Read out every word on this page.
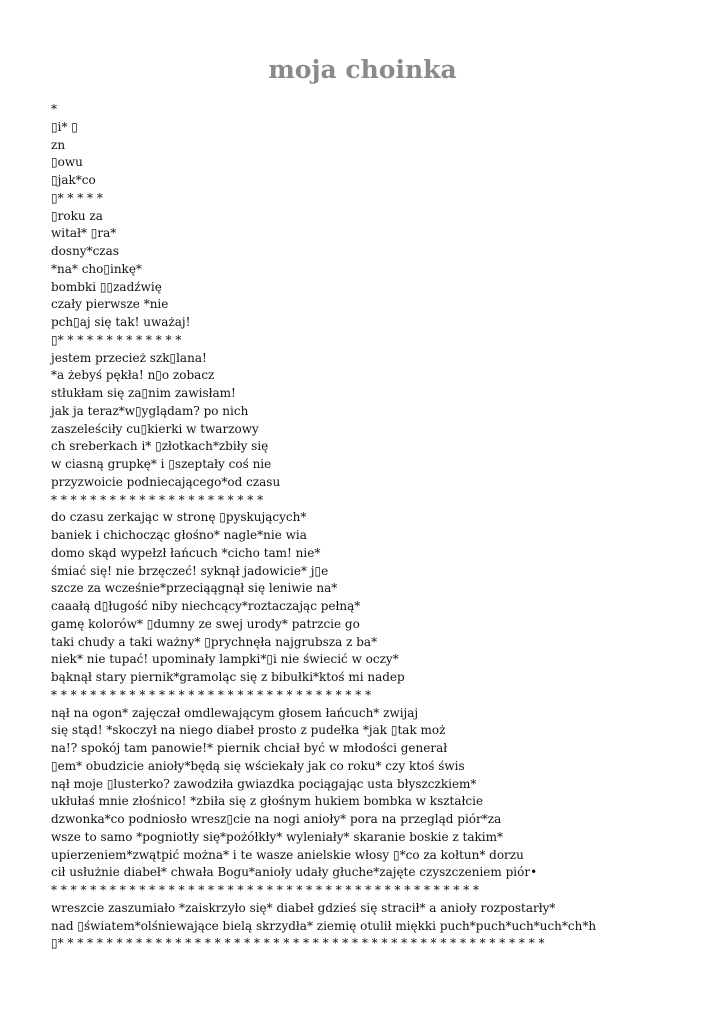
moja choinka
*
▯i* ▯
zn
▯owu
▯jak*co
▯* * * * *
▯roku za
witał* ▯ra*
dosny*czas
*na* cho▯inkę*
bombki ▯▯zadźwię
czały pierwsze *nie
pch▯aj się tak! uważaj!
▯* * * * * * * * * * * * *
jestem przecież szk▯lana!
*a żebyś pękła! n▯o zobacz
stłukłam się za▯nim zawisłam!
jak ja teraz*w▯yglądam? po nich
zaszeleściły cu▯kierki w twarzowy
ch sreberkach i* ▯złotkach*zbiły się
w ciasną grupkę* i ▯szeptały coś nie
przyzwoicie podniecającego*od czasu
* * * * * * * * * * * * * * * * * * * * * *
do czasu zerkając w stronę ▯pyskujących*
baniek i chichocząc głośno* nagle*nie wia
domo skąd wypełzł łańcuch *cicho tam! nie*
śmiać się! nie brzęczeć! syknął jadowicie* j▯e
szcze za wcześnie*przeciąągnął się leniwie na*
caaałą d▯ługość niby niechcący*roztaczając pełną*
gamę kolorów* ▯dumny ze swej urody* patrzcie go
taki chudy a taki ważny* ▯prychnęła najgrubsza z ba*
niek* nie tupać! upominały lampki*▯i nie świecić w oczy*
bąknął stary piernik*gramoląc się z bibułki*ktoś mi nadep
* * * * * * * * * * * * * * * * * * * * * * * * * * * * * * * * *
nął na ogon* zajęczał omdlewającym głosem łańcuch* zwijaj
się stąd! *skoczył na niego diabeł prosto z pudełka *jak ▯tak moż
na!? spokój tam panowie!* piernik chciał być w młodości generał
▯em* obudzicie anioły*będą się wściekały jak co roku* czy ktoś świs
nął moje ▯lusterko? zawodziła gwiazdka pociągając usta błyszczkiem*
ukłułaś mnie złośnico! *zbiła się z głośnym hukiem bombka w kształcie
dzwonka*co podniosło wresz▯cie na nogi anioły* pora na przegląd piór*za
wsze to samo *pogniotły się*pożółkły* wyleniały* skaranie boskie z takim*
upierzeniem*zwątpić można* i te wasze anielskie włosy ▯*co za kołtun* dorzu
cił usłużnie diabeł* chwała Bogu*anioły udały głuche*zajęte czyszczeniem piór•
* * * * * * * * * * * * * * * * * * * * * * * * * * * * * * * * * * * * * * * * * * * *
wreszcie zaszumiało *zaiskrzyło się* diabeł gdzieś się stracił* a anioły rozpostarły*
nad ▯światem*olśniewające bielą skrzydła* ziemię otulił miękki puch*puch*uch*uch*ch*h
▯* * * * * * * * * * * * * * * * * * * * * * * * * * * * * * * * * * * * * * * * * * * * * * * * * *
